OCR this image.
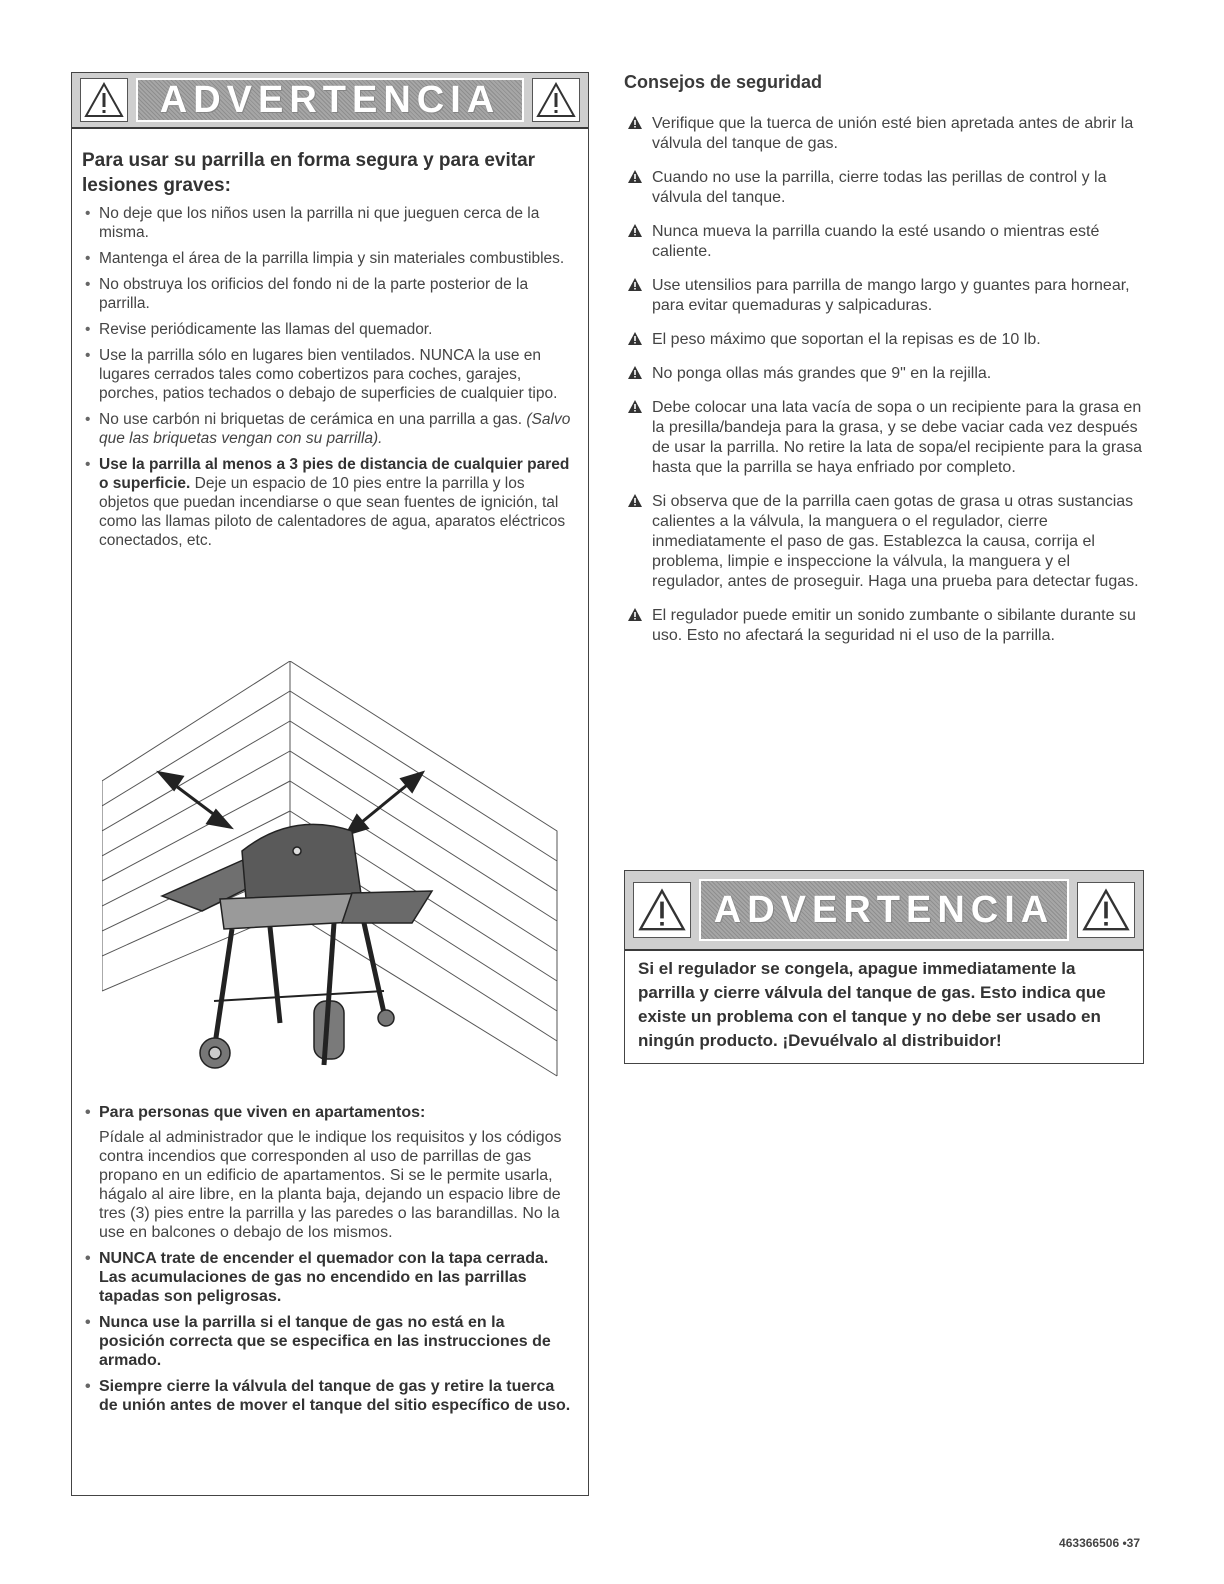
ADVERTENCIA
Para usar su parrilla en forma segura y para evitar lesiones graves:
• No deje que los niños usen la parrilla ni que jueguen cerca de la misma.
• Mantenga el área de la parrilla limpia y sin materiales combustibles.
• No obstruya los orificios del fondo ni de la parte posterior de la parrilla.
• Revise periódicamente las llamas del quemador.
• Use la parrilla sólo en lugares bien ventilados. NUNCA la use en lugares cerrados tales como cobertizos para coches, garajes, porches, patios techados o debajo de superficies de cualquier tipo.
• No use carbón ni briquetas de cerámica en una parrilla a gas. (Salvo que las briquetas vengan con su parrilla).
• Use la parrilla al menos a 3 pies de distancia de cualquier pared o superficie. Deje un espacio de 10 pies entre la parrilla y los objetos que puedan incendiarse o que sean fuentes de ignición, tal como las llamas piloto de calentadores de agua, aparatos eléctricos conectados, etc.
• Para personas que viven en apartamentos:
Pídale al administrador que le indique los requisitos y los códigos contra incendios que corresponden al uso de parrillas de gas propano en un edificio de apartamentos. Si se le permite usarla, hágalo al aire libre, en la planta baja, dejando un espacio libre de tres (3) pies entre la parrilla y las paredes o las barandillas. No la use en balcones o debajo de los mismos.
• NUNCA trate de encender el quemador con la tapa cerrada. Las acumulaciones de gas no encendido en las parrillas tapadas son peligrosas.
• Nunca use la parrilla si el tanque de gas no está en la posición correcta que se especifica en las instrucciones de armado.
• Siempre cierre la válvula del tanque de gas y retire la tuerca de unión antes de mover el tanque del sitio específico de uso.
Consejos de seguridad
Verifique que la tuerca de unión esté bien apretada antes de abrir la válvula del tanque de gas.
Cuando no use la parrilla, cierre todas las perillas de control y la válvula del tanque.
Nunca mueva la parrilla cuando la esté usando o mientras esté caliente.
Use utensilios para parrilla de mango largo y guantes para hornear, para evitar quemaduras y salpicaduras.
El peso máximo que soportan el la repisas es de 10 lb.
No ponga ollas más grandes que 9" en la rejilla.
Debe colocar una lata vacía de sopa o un recipiente para la grasa en la presilla/bandeja para la grasa, y se debe vaciar cada vez después de usar la parrilla. No retire la lata de sopa/el recipiente para la grasa hasta que la parrilla se haya enfriado por completo.
Si observa que de la parrilla caen gotas de grasa u otras sustancias calientes a la válvula, la manguera o el regulador, cierre inmediatamente el paso de gas. Establezca la causa, corrija el problema, limpie e inspeccione la válvula, la manguera y el regulador, antes de proseguir. Haga una prueba para detectar fugas.
El regulador puede emitir un sonido zumbante o sibilante durante su uso. Esto no afectará la seguridad ni el uso de la parrilla.
ADVERTENCIA

Si el regulador se congela, apague immediatamente la parrilla y cierre válvula del tanque de gas. Esto indica que existe un problema con el tanque y no debe ser usado en ningún producto. ¡Devuélvalo al distribuidor!

463366506 •37
